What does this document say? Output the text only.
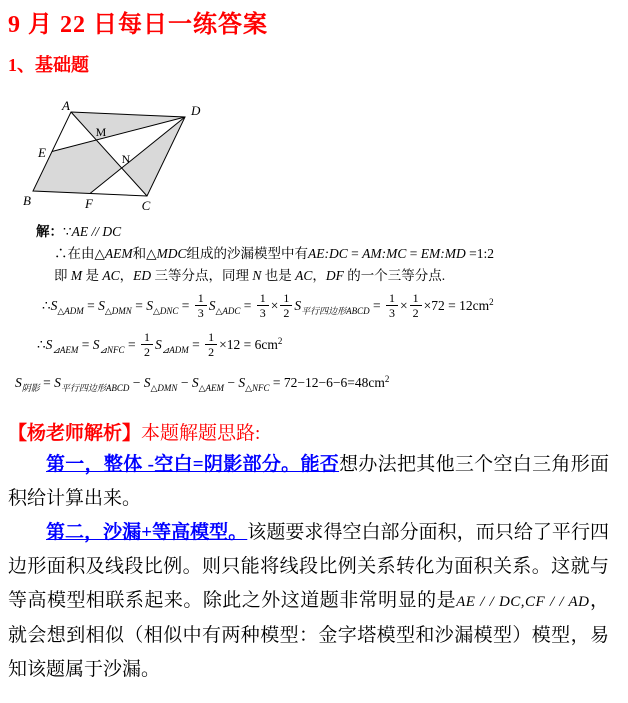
9 月 22 日每日一练答案
1、基础题
A	D
B	C
E
F
M
N
解：∵AE // DC
∴在由△AEM和△MDC组成的沙漏模型中有AE:DC = AM:MC = EM:MD =1:2
即 M 是 AC，ED 三等分点，同理 N 也是 AC，DF 的一个三等分点.
$\therefore S_{\triangle ADM} = S_{\triangle DMN} = S_{\triangle DNC} = \frac{1}{3} S_{\triangle ADC} = \frac{1}{3} \times \frac{1}{2} S_{平行四边形ABCD} = \frac{1}{3} \times \frac{1}{2} \times 72 = 12cm^2$
$\therefore S_{⊿AEM} = S_{⊿NFC} = \frac{1}{2} S_{⊿ADM} = \frac{1}{2} \times 12 = 6cm^2$
$S_{阴影} = S_{平行四边形ABCD} - S_{\triangle DMN} - S_{\triangle AEM} - S_{\triangle NFC} = 72-12-6-6=48cm^2$
【杨老师解析】本题解题思路:
第一，整体 -空白=阴影部分。能否想办法把其他三个空白三角形面积给计算出来。
第二，沙漏+等高模型。该题要求得空白部分面积，而只给了平行四边形面积及线段比例。则只能将线段比例关系转化为面积关系。这就与等高模型相联系起来。除此之外这道题非常明显的是AE / / DC,CF / / AD，就会想到相似（相似中有两种模型：金字塔模型和沙漏模型）模型，易知该题属于沙漏。
